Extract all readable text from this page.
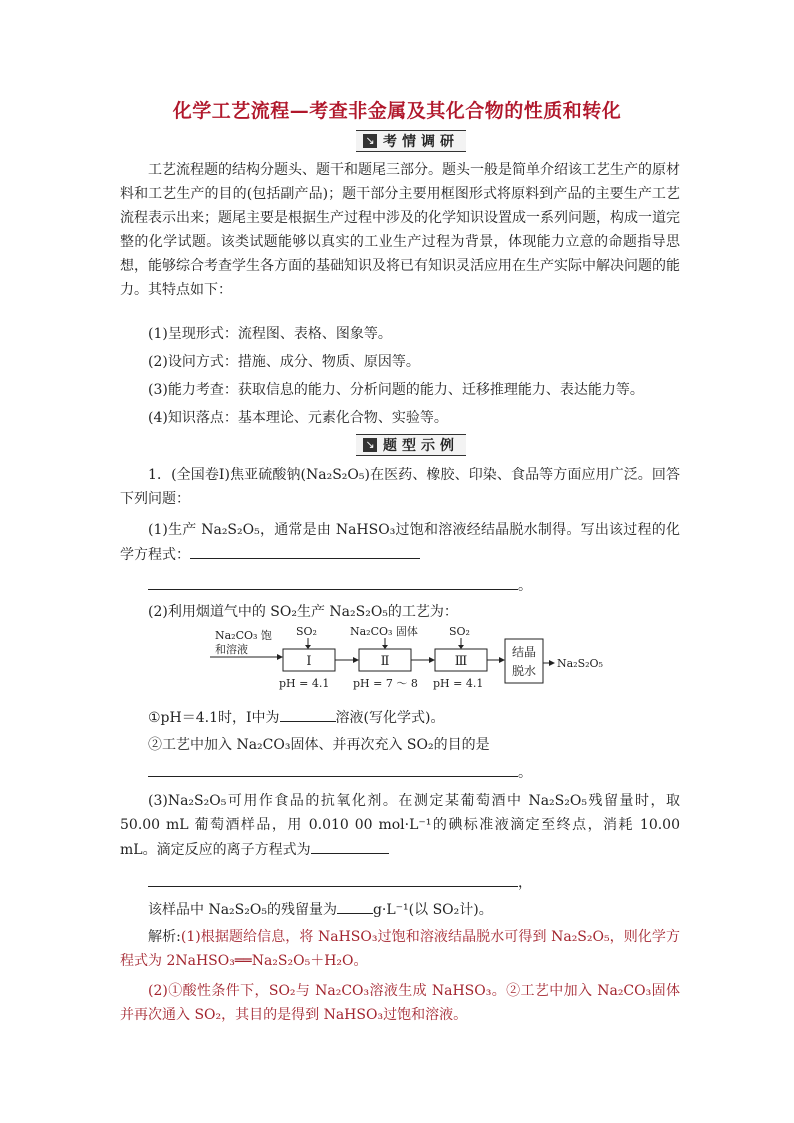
化学工艺流程—考查非金属及其化合物的性质和转化
↘ 考情调研

工艺流程题的结构分题头、题干和题尾三部分。题头一般是简单介绍该工艺生产的原材料和工艺生产的目的(包括副产品)；题干部分主要用框图形式将原料到产品的主要生产工艺流程表示出来；题尾主要是根据生产过程中涉及的化学知识设置成一系列问题，构成一道完整的化学试题。该类试题能够以真实的工业生产过程为背景，体现能力立意的命题指导思想，能够综合考查学生各方面的基础知识及将已有知识灵活应用在生产实际中解决问题的能力。其特点如下：

(1)呈现形式：流程图、表格、图象等。
(2)设问方式：措施、成分、物质、原因等。
(3)能力考查：获取信息的能力、分析问题的能力、迁移推理能力、表达能力等。
(4)知识落点：基本理论、元素化合物、实验等。
↘ 题型示例

1．(全国卷Ⅰ)焦亚硫酸钠(Na₂S₂O₅)在医药、橡胶、印染、食品等方面应用广泛。回答下列问题：

(1)生产 Na₂S₂O₅，通常是由 NaHSO₃过饱和溶液经结晶脱水制得。写出该过程的化学方程式：

。
(2)利用烟道气中的 SO₂生产 Na₂S₂O₅的工艺为：
Na₂CO₃ 饱
和溶液
SO₂
Ⅰ
pH = 4.1
Na₂CO₃ 固体
Ⅱ
pH = 7 ～ 8
SO₂
Ⅲ
pH = 4.1
结晶
脱水
Na₂S₂O₅
①pH＝4.1时，Ⅰ中为	溶液(写化学式)。
②工艺中加入 Na₂CO₃固体、并再次充入 SO₂的目的是
。

(3)Na₂S₂O₅可用作食品的抗氧化剂。在测定某葡萄酒中 Na₂S₂O₅残留量时，取 50.00 mL 葡萄酒样品，用 0.010 00 mol·L⁻¹的碘标准液滴定至终点，消耗 10.00 mL。滴定反应的离子方程式为

，
该样品中 Na₂S₂O₅的残留量为	g·L⁻¹(以 SO₂计)。

解析:(1)根据题给信息，将 NaHSO₃过饱和溶液结晶脱水可得到 Na₂S₂O₅，则化学方程式为 2NaHSO₃══Na₂S₂O₅＋H₂O。

(2)①酸性条件下，SO₂与 Na₂CO₃溶液生成 NaHSO₃。②工艺中加入 Na₂CO₃固体并再次通入 SO₂，其目的是得到 NaHSO₃过饱和溶液。
